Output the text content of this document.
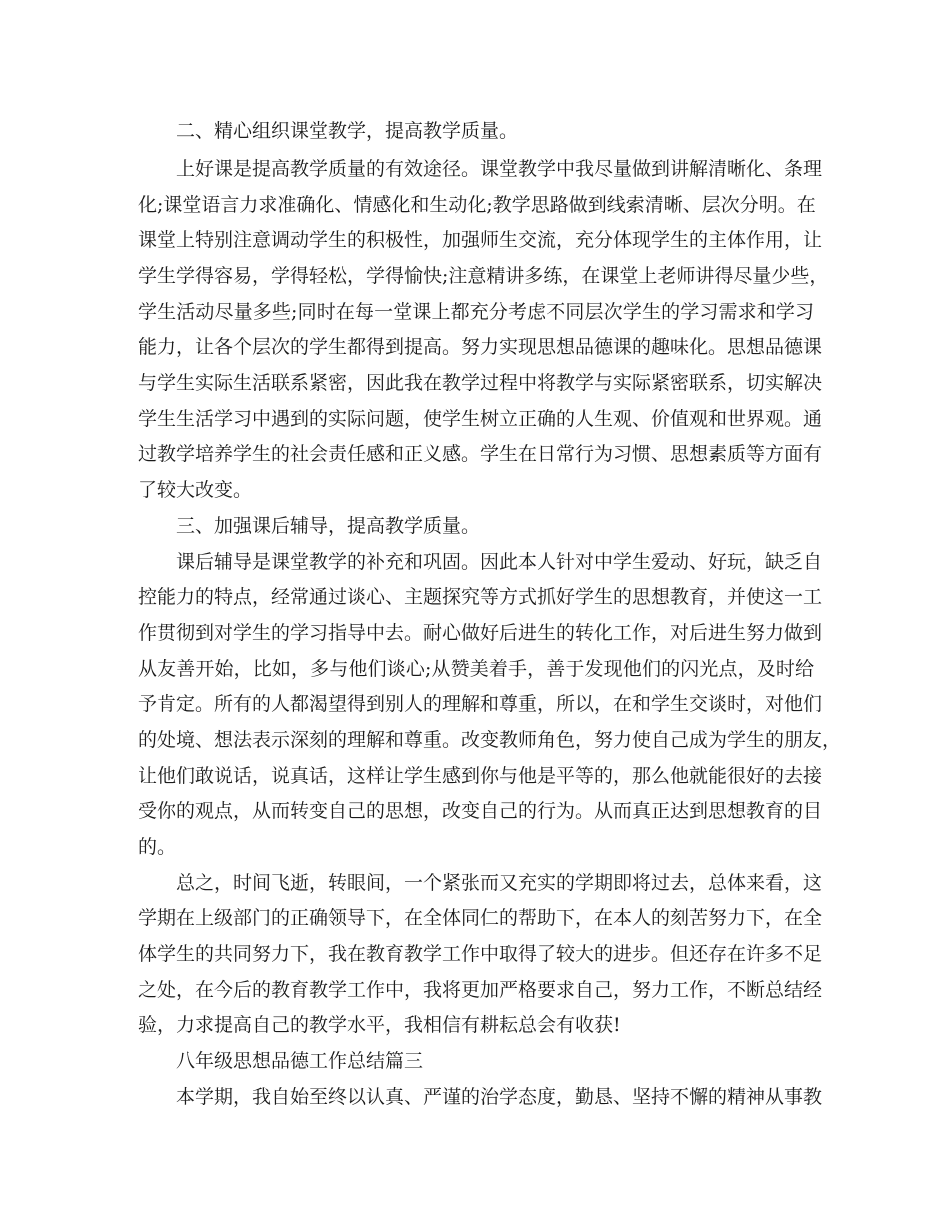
二、精心组织课堂教学，提高教学质量。
上好课是提高教学质量的有效途径。课堂教学中我尽量做到讲解清晰化、条理
化;课堂语言力求准确化、情感化和生动化;教学思路做到线索清晰、层次分明。在
课堂上特别注意调动学生的积极性，加强师生交流，充分体现学生的主体作用，让
学生学得容易，学得轻松，学得愉快;注意精讲多练，在课堂上老师讲得尽量少些，
学生活动尽量多些;同时在每一堂课上都充分考虑不同层次学生的学习需求和学习
能力，让各个层次的学生都得到提高。努力实现思想品德课的趣味化。思想品德课
与学生实际生活联系紧密，因此我在教学过程中将教学与实际紧密联系，切实解决
学生生活学习中遇到的实际问题，使学生树立正确的人生观、价值观和世界观。通
过教学培养学生的社会责任感和正义感。学生在日常行为习惯、思想素质等方面有
了较大改变。
三、加强课后辅导，提高教学质量。
课后辅导是课堂教学的补充和巩固。因此本人针对中学生爱动、好玩，缺乏自
控能力的特点，经常通过谈心、主题探究等方式抓好学生的思想教育，并使这一工
作贯彻到对学生的学习指导中去。耐心做好后进生的转化工作，对后进生努力做到
从友善开始，比如，多与他们谈心;从赞美着手，善于发现他们的闪光点，及时给
予肯定。所有的人都渴望得到别人的理解和尊重，所以，在和学生交谈时，对他们
的处境、想法表示深刻的理解和尊重。改变教师角色，努力使自己成为学生的朋友，
让他们敢说话，说真话，这样让学生感到你与他是平等的，那么他就能很好的去接
受你的观点，从而转变自己的思想，改变自己的行为。从而真正达到思想教育的目
的。
总之，时间飞逝，转眼间，一个紧张而又充实的学期即将过去，总体来看，这
学期在上级部门的正确领导下，在全体同仁的帮助下，在本人的刻苦努力下，在全
体学生的共同努力下，我在教育教学工作中取得了较大的进步。但还存在许多不足
之处，在今后的教育教学工作中，我将更加严格要求自己，努力工作，不断总结经
验，力求提高自己的教学水平，我相信有耕耘总会有收获!
八年级思想品德工作总结篇三
本学期，我自始至终以认真、严谨的治学态度，勤恳、坚持不懈的精神从事教
